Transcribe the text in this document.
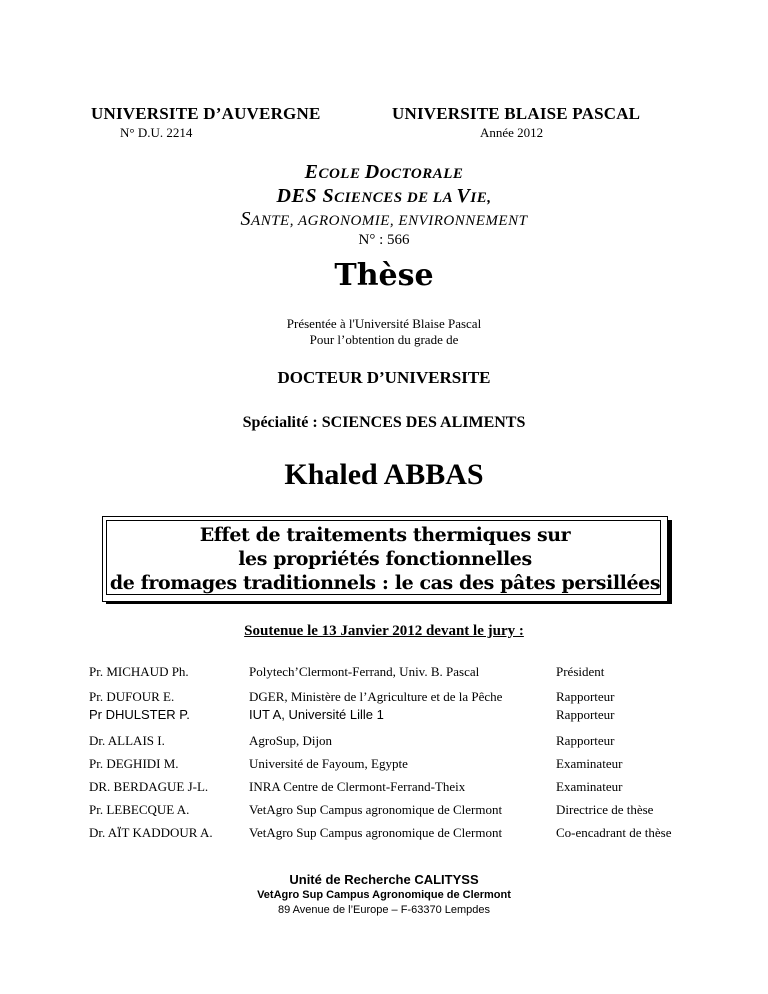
UNIVERSITE D’AUVERGNE
N° D.U. 2214
UNIVERSITE BLAISE PASCAL
Année 2012
ECOLE DOCTORALE
DES SCIENCES DE LA VIE,
SANTE, AGRONOMIE, ENVIRONNEMENT
N° : 566
Thèse
Présentée à l'Université Blaise Pascal
Pour l’obtention du grade de
DOCTEUR D’UNIVERSITE
Spécialité : SCIENCES DES ALIMENTS
Khaled ABBAS
Effet de traitements thermiques sur
les propriétés fonctionnelles
de fromages traditionnels : le cas des pâtes persillées
Soutenue le 13 Janvier 2012 devant le jury :
Pr. MICHAUD Ph.	Polytech’Clermont-Ferrand, Univ. B. Pascal	Président
Pr. DUFOUR E.	DGER, Ministère de l’Agriculture et de la Pêche	Rapporteur
Pr DHULSTER P.	IUT A, Université Lille 1	Rapporteur
Dr. ALLAIS I.	AgroSup, Dijon	Rapporteur
Pr. DEGHIDI M.	Université de Fayoum, Egypte	Examinateur
DR. BERDAGUE J-L.	INRA Centre de Clermont-Ferrand-Theix	Examinateur
Pr. LEBECQUE A.	VetAgro Sup Campus agronomique de Clermont	Directrice de thèse
Dr. AÏT KADDOUR A.	VetAgro Sup Campus agronomique de Clermont	Co-encadrant de thèse
Unité de Recherche CALITYSS
VetAgro Sup Campus Agronomique de Clermont
89 Avenue de l’Europe – F-63370 Lempdes
